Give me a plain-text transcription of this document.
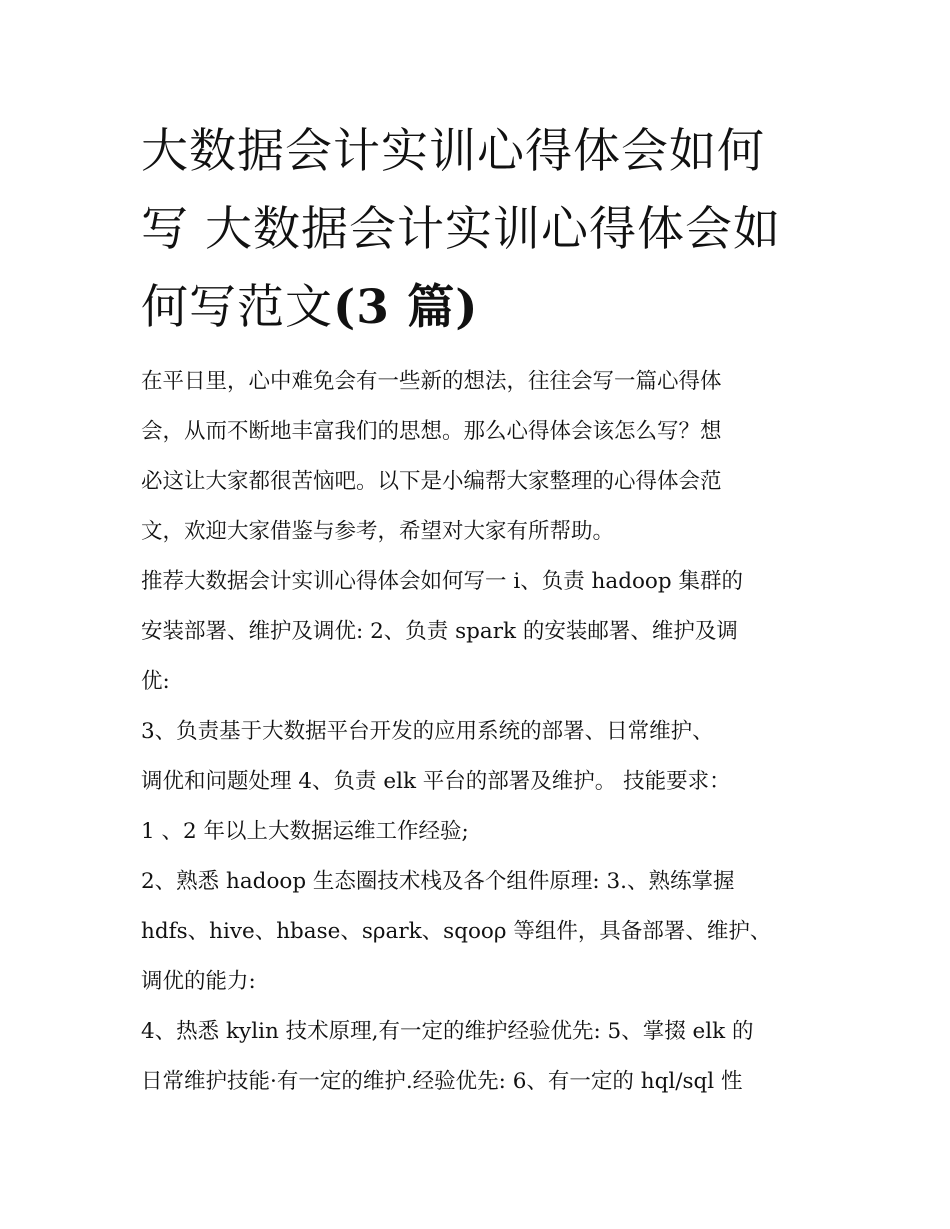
大数据会计实训心得体会如何
写 大数据会计实训心得体会如
何写范文(3 篇)

在平日里，心中难免会有一些新的想法，往往会写一篇心得体
会，从而不断地丰富我们的思想。那么心得体会该怎么写？想
必这让大家都很苦恼吧。以下是小编帮大家整理的心得体会范
文，欢迎大家借鉴与参考，希望对大家有所帮助。

推荐大数据会计实训心得体会如何写一 i、负责 hadoop 集群的
安装部署、维护及调优: 2、负责 spark 的安装邮署、维护及调
优:

3、负责基于大数据平台开发的应用系统的部署、日常维护、
调优和问题处理 4、负责 elk 平台的部署及维护。 技能要求：

1 、2 年以上大数据运维工作经验;

2、熟悉 hadoop 生态圈技术栈及各个组件原理: 3.、熟练掌握
hdfs、hive、hbase、sρark、sqooρ 等组件，具备部署、维护、
调优的能力:

4、热悉 kylin 技术原理,有一定的维护经验优先: 5、掌掇 elk 的
日常维护技能·有一定的维护.经验优先: 6、有一定的 hql/sql 性
